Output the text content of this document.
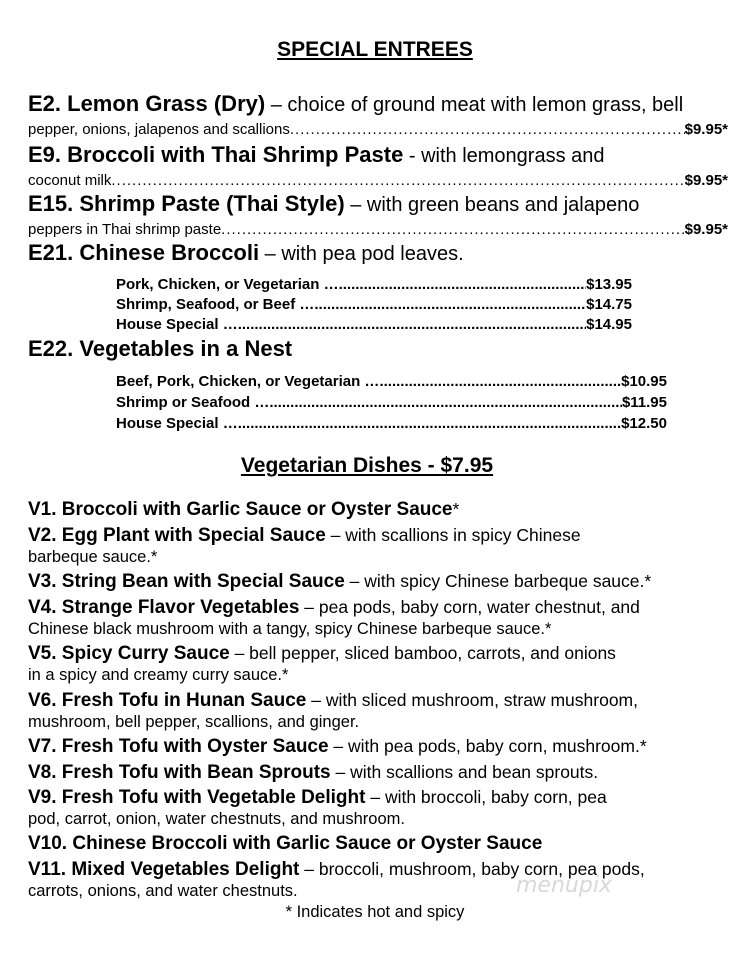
SPECIAL ENTREES
E2. Lemon Grass (Dry) – choice of ground meat with lemon grass, bell
pepper, onions, jalapenos and scallions .....	$9.95*
E9. Broccoli with Thai Shrimp Paste - with lemongrass and
coconut milk .....	$9.95*
E15. Shrimp Paste (Thai Style) – with green beans and jalapeno
peppers in Thai shrimp paste .....	$9.95*
E21. Chinese Broccoli – with pea pod leaves.
Pork, Chicken, or Vegetarian … .....	$13.95
Shrimp, Seafood, or Beef … .....	$14.75
House Special … .....	$14.95
E22. Vegetables in a Nest
Beef, Pork, Chicken, or Vegetarian … .....	$10.95
Shrimp or Seafood ….......... .....	$11.95
House Special … .....	$12.50
Vegetarian Dishes - $7.95
V1. Broccoli with Garlic Sauce or Oyster Sauce*
V2. Egg Plant with Special Sauce – with scallions in spicy Chinese
barbeque sauce.*
V3. String Bean with Special Sauce – with spicy Chinese barbeque sauce.*
V4. Strange Flavor Vegetables – pea pods, baby corn, water chestnut, and
Chinese black mushroom with a tangy, spicy Chinese barbeque sauce.*
V5. Spicy Curry Sauce – bell pepper, sliced bamboo, carrots, and onions
in a spicy and creamy curry sauce.*
V6. Fresh Tofu in Hunan Sauce – with sliced mushroom, straw mushroom,
mushroom, bell pepper, scallions, and ginger.
V7. Fresh Tofu with Oyster Sauce – with pea pods, baby corn, mushroom.*
V8. Fresh Tofu with Bean Sprouts – with scallions and bean sprouts.
V9. Fresh Tofu with Vegetable Delight – with broccoli, baby corn, pea
pod, carrot, onion, water chestnuts, and mushroom.
V10. Chinese Broccoli with Garlic Sauce or Oyster Sauce
V11. Mixed Vegetables Delight – broccoli, mushroom, baby corn, pea pods,
carrots, onions, and water chestnuts.	menupix
* Indicates hot and spicy
